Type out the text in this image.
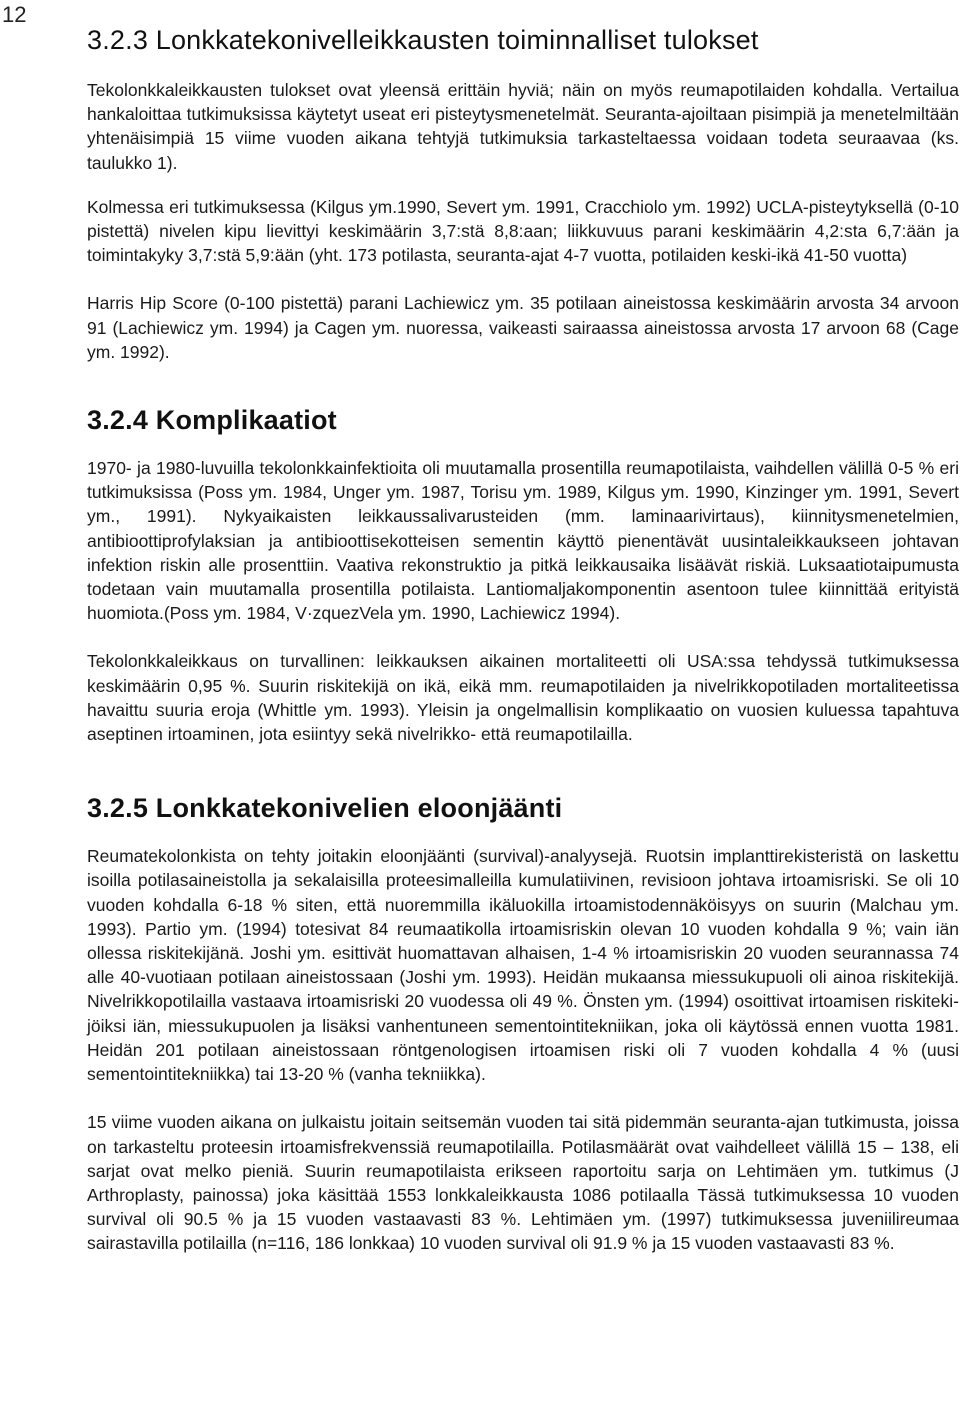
12
3.2.3 Lonkkatekonivelleikkausten toiminnalliset tulokset

Tekolonkkaleikkausten tulokset ovat yleensä erittäin hyviä; näin on myös reumapotilaiden kohdalla. Vertailua hankaloittaa tutkimuksissa käytetyt useat eri pisteytysmenetelmät. Seuranta-ajoiltaan pisimpiä ja menetelmiltään yhtenäisimpiä 15 viime vuoden aikana tehtyjä tutkimuksia tarkasteltaessa voidaan todeta seuraavaa (ks. taulukko 1).

Kolmessa eri tutkimuksessa (Kilgus ym.1990, Severt ym. 1991, Cracchiolo ym. 1992) UCLA-pisteytyksellä (0-10 pistettä) nivelen kipu lievittyi keskimäärin 3,7:stä 8,8:aan; liikkuvuus parani keskimäärin 4,2:sta 6,7:ään ja toimintakyky 3,7:stä 5,9:ään (yht. 173 potilasta, seuranta-ajat 4-7 vuotta, potilaiden keski-ikä 41-50 vuotta)

Harris Hip Score (0-100 pistettä) parani Lachiewicz ym. 35 potilaan aineistossa keskimäärin arvosta 34 arvoon 91 (Lachiewicz ym. 1994) ja Cagen ym. nuoressa, vaikeasti sairaassa aineistossa arvosta 17 arvoon 68 (Cage ym. 1992).

3.2.4 Komplikaatiot

1970- ja 1980-luvuilla tekolonkkainfektioita oli muutamalla prosentilla reumapotilaista, vaihdellen välillä 0-5 % eri tutkimuksissa (Poss ym. 1984, Unger ym. 1987, Torisu ym. 1989, Kilgus ym. 1990, Kinzinger ym. 1991, Severt ym., 1991). Nykyaikaisten leikkaussalivarusteiden (mm. laminaarivirtaus), kiinnitysmenetelmien, antibioottiprofylaksian ja antibioottisekotteisen sementin käyttö pienentävät uusintaleikkaukseen johtavan infektion riskin alle prosenttiin. Vaativa rekonstruktio ja pitkä leikkausaika lisäävät riskiä. Luksaatiotaipumusta todetaan vain muutamalla prosentilla potilaista. Lantiomaljakomponentin asentoon tulee kiinnittää erityistä huomiota.(Poss ym. 1984, V·zquezVela ym. 1990, Lachiewicz 1994).

Tekolonkkaleikkaus on turvallinen: leikkauksen aikainen mortaliteetti oli USA:ssa tehdyssä tutkimuksessa keskimäärin 0,95 %. Suurin riskitekijä on ikä, eikä mm. reumapotilaiden ja nivelrikkopotiladen mortaliteetissa havaittu suuria eroja (Whittle ym. 1993). Yleisin ja ongelmallisin komplikaatio on vuosien kuluessa tapahtuva aseptinen irtoaminen, jota esiintyy sekä nivelrikko- että reumapotilailla.

3.2.5 Lonkkatekonivelien eloonjäänti

Reumatekolonkista on tehty joitakin eloonjäänti (survival)-analyysejä. Ruotsin implanttirekisteristä on laskettu isoilla potilasaineistolla ja sekalaisilla proteesimalleilla kumulatiivinen, revisioon johtava irtoamisriski. Se oli 10 vuoden kohdalla 6-18 % siten, että nuoremmilla ikäluokilla irtoamistodennäköisyys on suurin (Malchau ym. 1993). Partio ym. (1994) totesivat 84 reumaatikolla irtoamisriskin olevan 10 vuoden kohdalla 9 %; vain iän ollessa riskitekijänä. Joshi ym. esittivät huomattavan alhaisen, 1-4 % irtoamisriskin 20 vuoden seurannassa 74 alle 40-vuotiaan potilaan aineistossaan (Joshi ym. 1993). Heidän mukaansa miessukupuoli oli ainoa riskitekijä. Nivelrikkopotilailla vastaava irtoamisriski 20 vuodessa oli 49 %. Önsten ym. (1994) osoittivat irtoamisen riskitekijöiksi iän, miessukupuolen ja lisäksi vanhentuneen sementointitekniikan, joka oli käytössä ennen vuotta 1981. Heidän 201 potilaan aineistossaan röntgenologisen irtoamisen riski oli 7 vuoden kohdalla 4 % (uusi sementointitekniikka) tai 13-20 % (vanha tekniikka).

15 viime vuoden aikana on julkaistu joitain seitsemän vuoden tai sitä pidemmän seuranta-ajan tutkimusta, joissa on tarkasteltu proteesin irtoamisfrekvenssiä reumapotilailla. Potilasmäärät ovat vaihdelleet välillä 15 – 138, eli sarjat ovat melko pieniä. Suurin reumapotilaista erikseen raportoitu sarja on Lehtimäen ym. tutkimus (J Arthroplasty, painossa) joka käsittää 1553 lonkkaleikkausta 1086 potilaalla Tässä tutkimuksessa 10 vuoden survival oli 90.5 % ja 15 vuoden vastaavasti 83 %. Lehtimäen ym. (1997) tutkimuksessa juveniilireumaa sairastavilla potilailla (n=116, 186 lonkkaa) 10 vuoden survival oli 91.9 % ja 15 vuoden vastaavasti 83 %.
